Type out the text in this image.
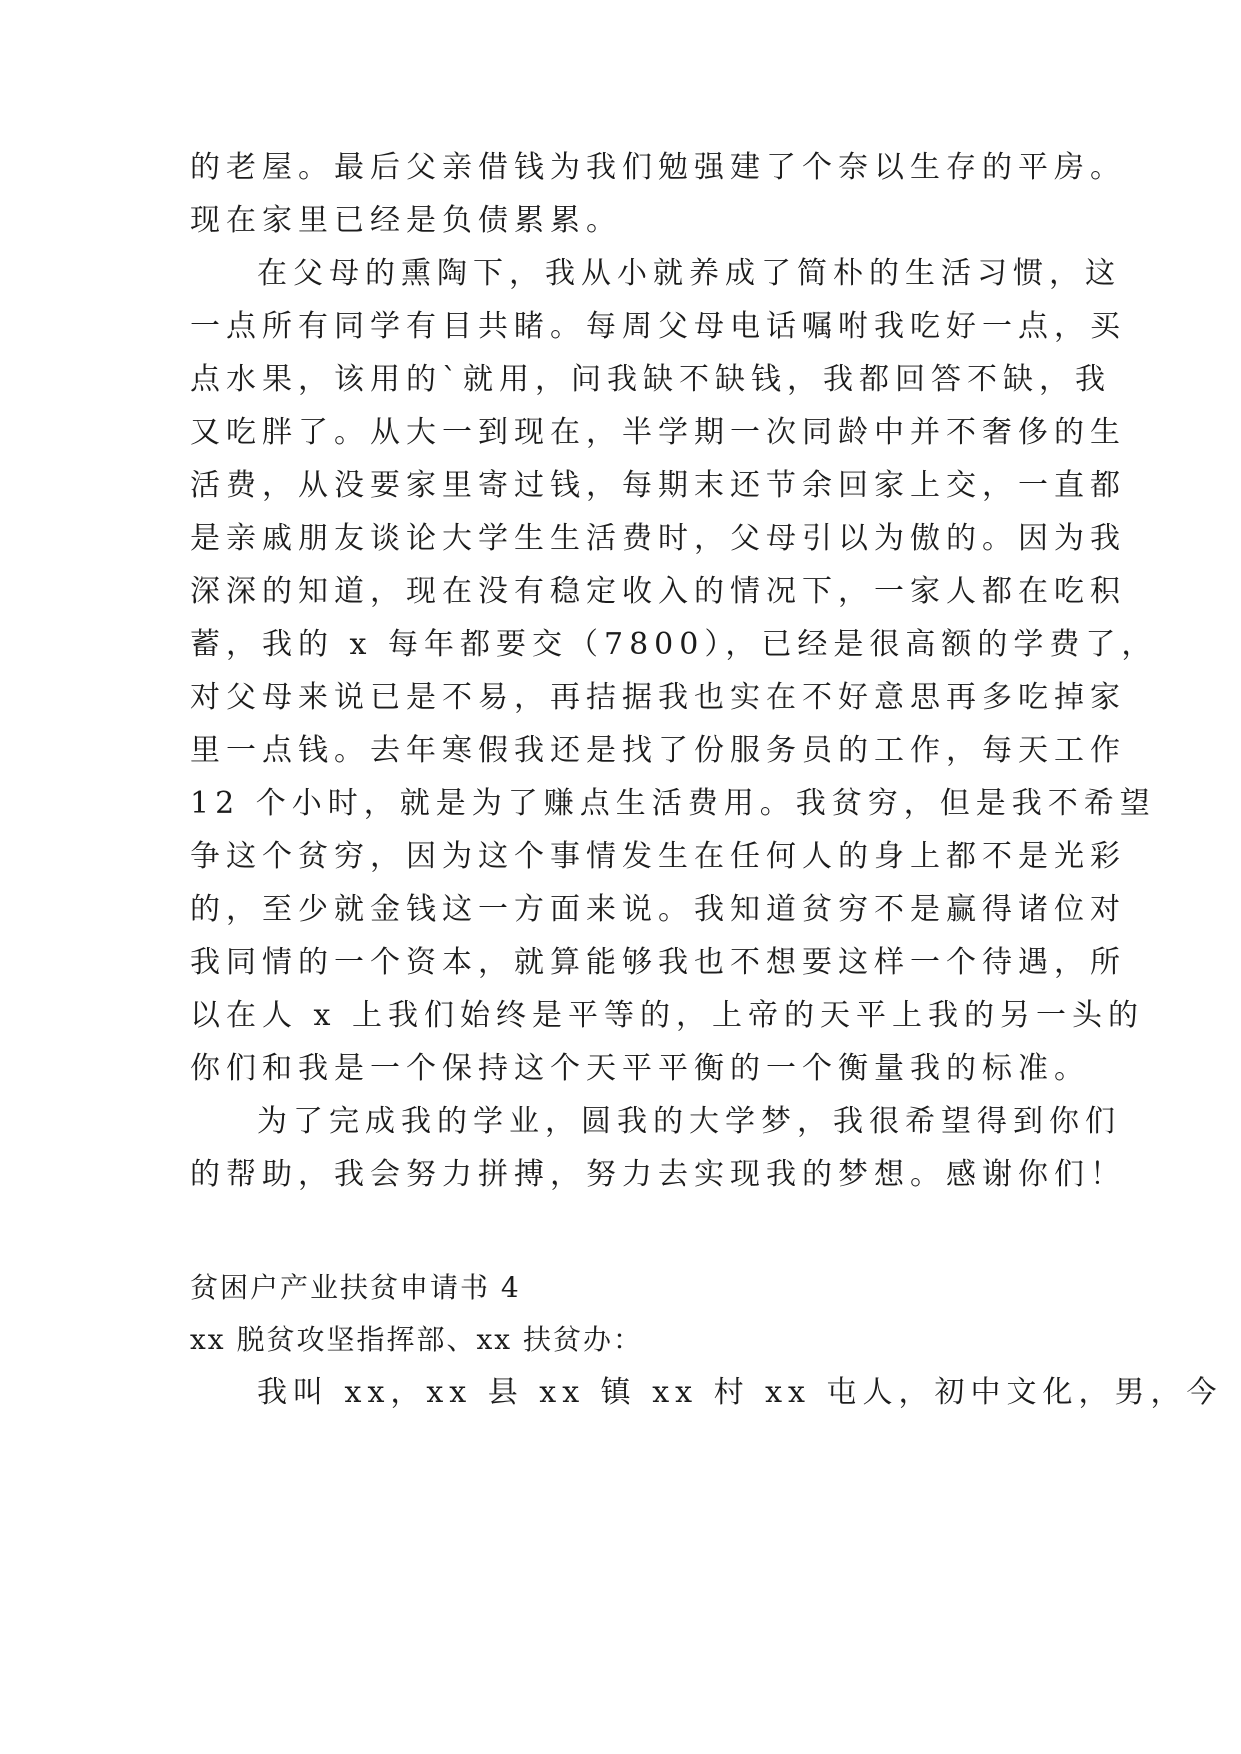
的老屋。最后父亲借钱为我们勉强建了个奈以生存的平房。
现在家里已经是负债累累。
在父母的熏陶下，我从小就养成了简朴的生活习惯，这
一点所有同学有目共睹。每周父母电话嘱咐我吃好一点，买
点水果，该用的`就用，问我缺不缺钱，我都回答不缺，我
又吃胖了。从大一到现在，半学期一次同龄中并不奢侈的生
活费，从没要家里寄过钱，每期末还节余回家上交，一直都
是亲戚朋友谈论大学生生活费时，父母引以为傲的。因为我
深深的知道，现在没有稳定收入的情况下，一家人都在吃积
蓄，我的 x 每年都要交（7800），已经是很高额的学费了，
对父母来说已是不易，再拮据我也实在不好意思再多吃掉家
里一点钱。去年寒假我还是找了份服务员的工作，每天工作
12 个小时，就是为了赚点生活费用。我贫穷，但是我不希望
争这个贫穷，因为这个事情发生在任何人的身上都不是光彩
的，至少就金钱这一方面来说。我知道贫穷不是赢得诸位对
我同情的一个资本，就算能够我也不想要这样一个待遇，所
以在人 x 上我们始终是平等的，上帝的天平上我的另一头的
你们和我是一个保持这个天平平衡的一个衡量我的标准。
为了完成我的学业，圆我的大学梦，我很希望得到你们
的帮助，我会努力拼搏，努力去实现我的梦想。感谢你们！
贫困户产业扶贫申请书 4
xx 脱贫攻坚指挥部、xx 扶贫办：
我叫 xx，xx 县 xx 镇 xx 村 xx 屯人，初中文化，男，今
